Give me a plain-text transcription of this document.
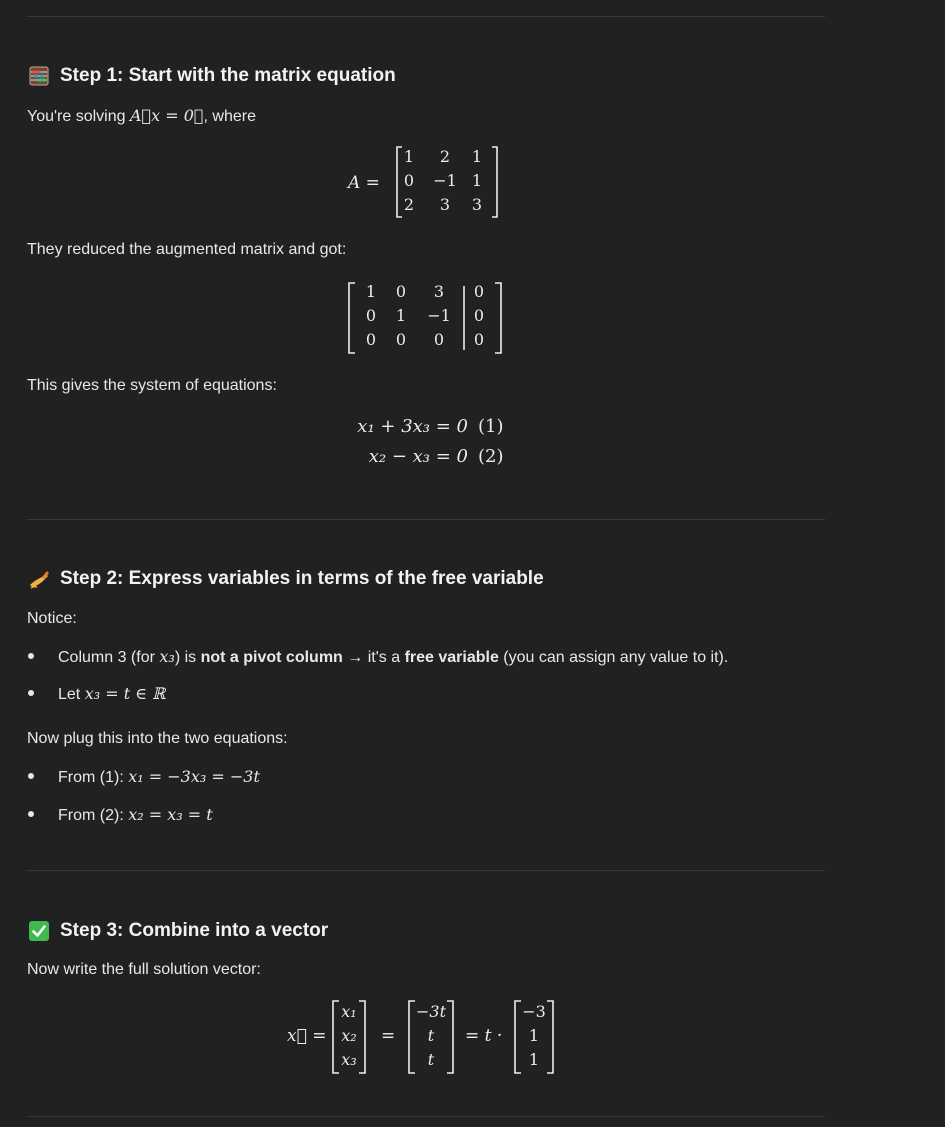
Step 1: Start with the matrix equation
You're solving A⃗x = 0⃗, where
A =
1	2	1
0 −1 1
2	3	3
They reduced the augmented matrix and got:
1	0	3	0
0	1	−1	0
0	0	0	0
This gives the system of equations:
x₁ + 3x₃ = 0 (1)
x₂ − x₃ = 0 (2)
Step 2: Express variables in terms of the free variable
Notice:
Column 3 (for x₃) is not a pivot column → it's a free variable (you can assign any value to it).
Let x₃ = t ∈ ℝ
Now plug this into the two equations:
From (1): x₁ = −3x₃ = −3t
From (2): x₂ = x₃ = t
Step 3: Combine into a vector
Now write the full solution vector:
x⃗ =
x₁
x₂
x₃
=
−3t
t
t
= t ·
−3
1
1
